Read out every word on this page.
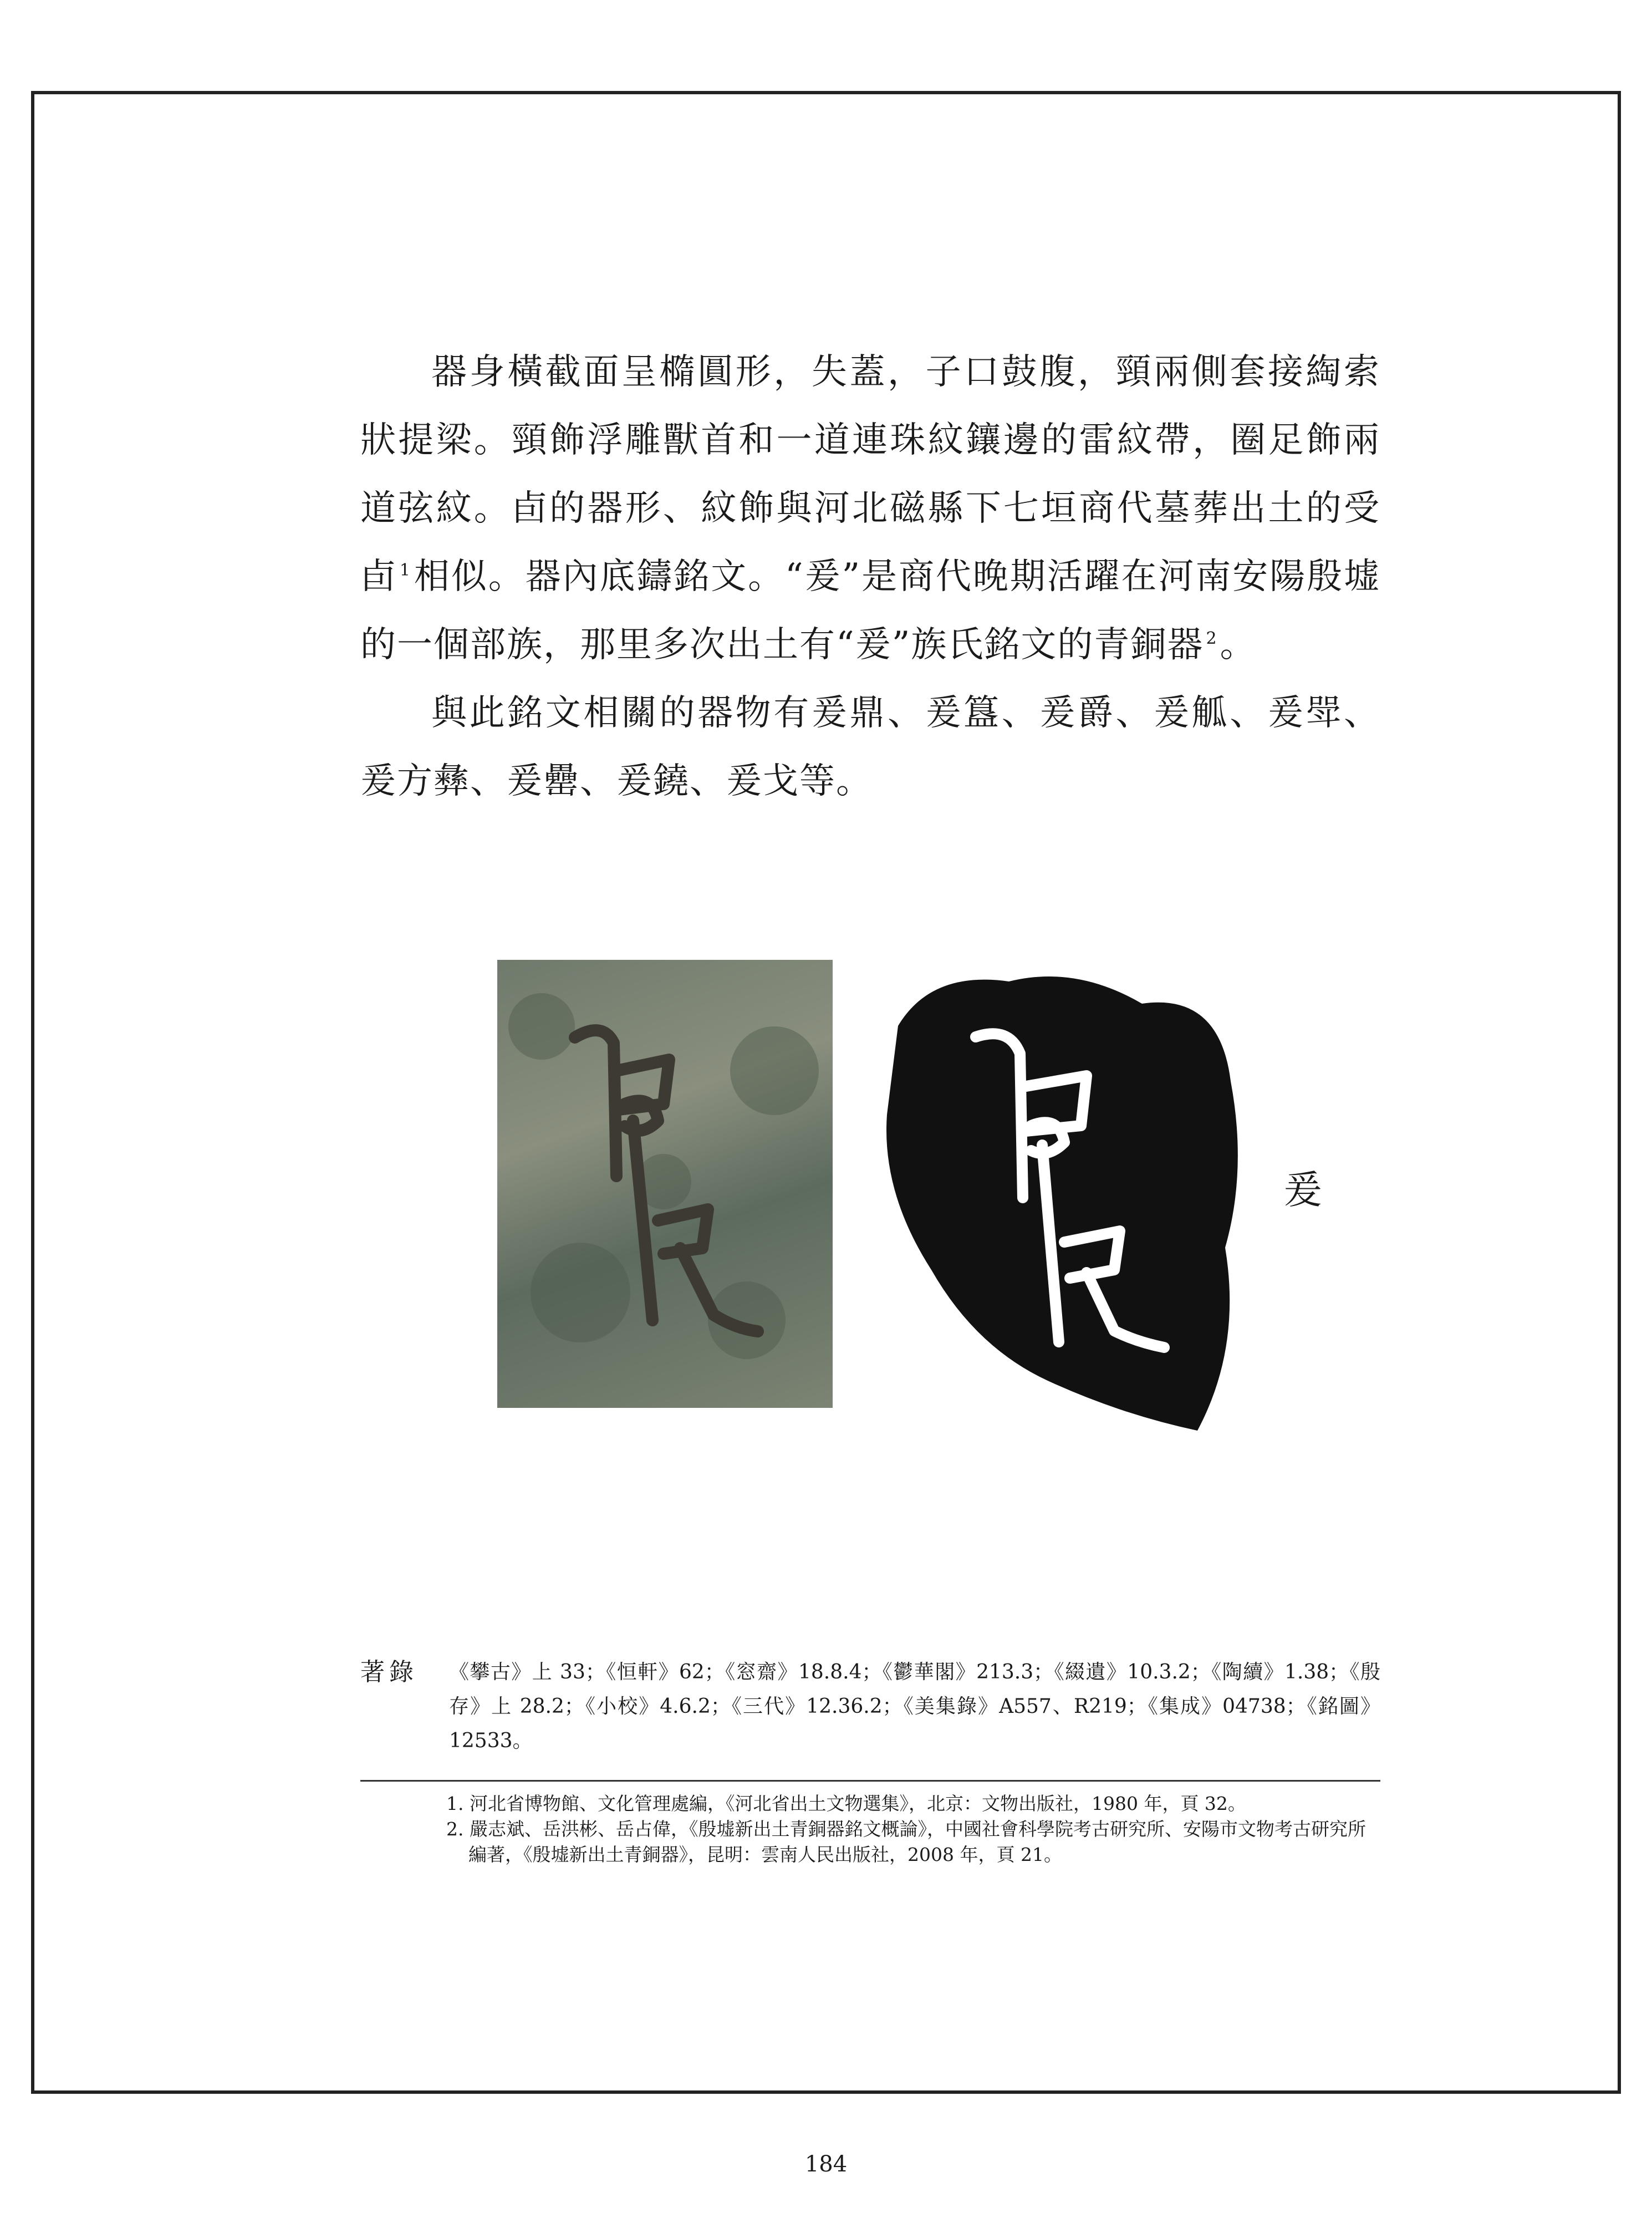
器身橫截面呈橢圓形，失蓋，子口鼓腹，頸兩側套接綯索狀提梁。頸飾浮雕獸首和一道連珠紋鑲邊的雷紋帶，圈足飾兩道弦紋。卣的器形、紋飾與河北磁縣下七垣商代墓葬出土的受卣 $^1$相似。器內底鑄銘文。“爰”是商代晚期活躍在河南安陽殷墟的一個部族，那里多次出土有“爰”族氏銘文的青銅器 $^2$。

與此銘文相關的器物有爰鼎、爰簋、爰爵、爰觚、爰斝、爰方彝、爰罍、爰鐃、爰戈等。

爰
著錄 《攀古》上 33；《恒軒》62；《窓齋》18.8.4；《鬱華閣》213.3；《綴遺》10.3.2；《陶續》1.38；《殷存》上 28.2；《小校》4.6.2；《三代》12.36.2；《美集錄》A557、R219；《集成》04738；《銘圖》12533。
1. 河北省博物館、文化管理處編，《河北省出土文物選集》，北京：文物出版社，1980 年，頁 32。
2. 嚴志斌、岳洪彬、岳占偉，《殷墟新出土青銅器銘文概論》，中國社會科學院考古研究所、安陽市文物考古研究所編著，《殷墟新出土青銅器》，昆明：雲南人民出版社，2008 年，頁 21。
184
